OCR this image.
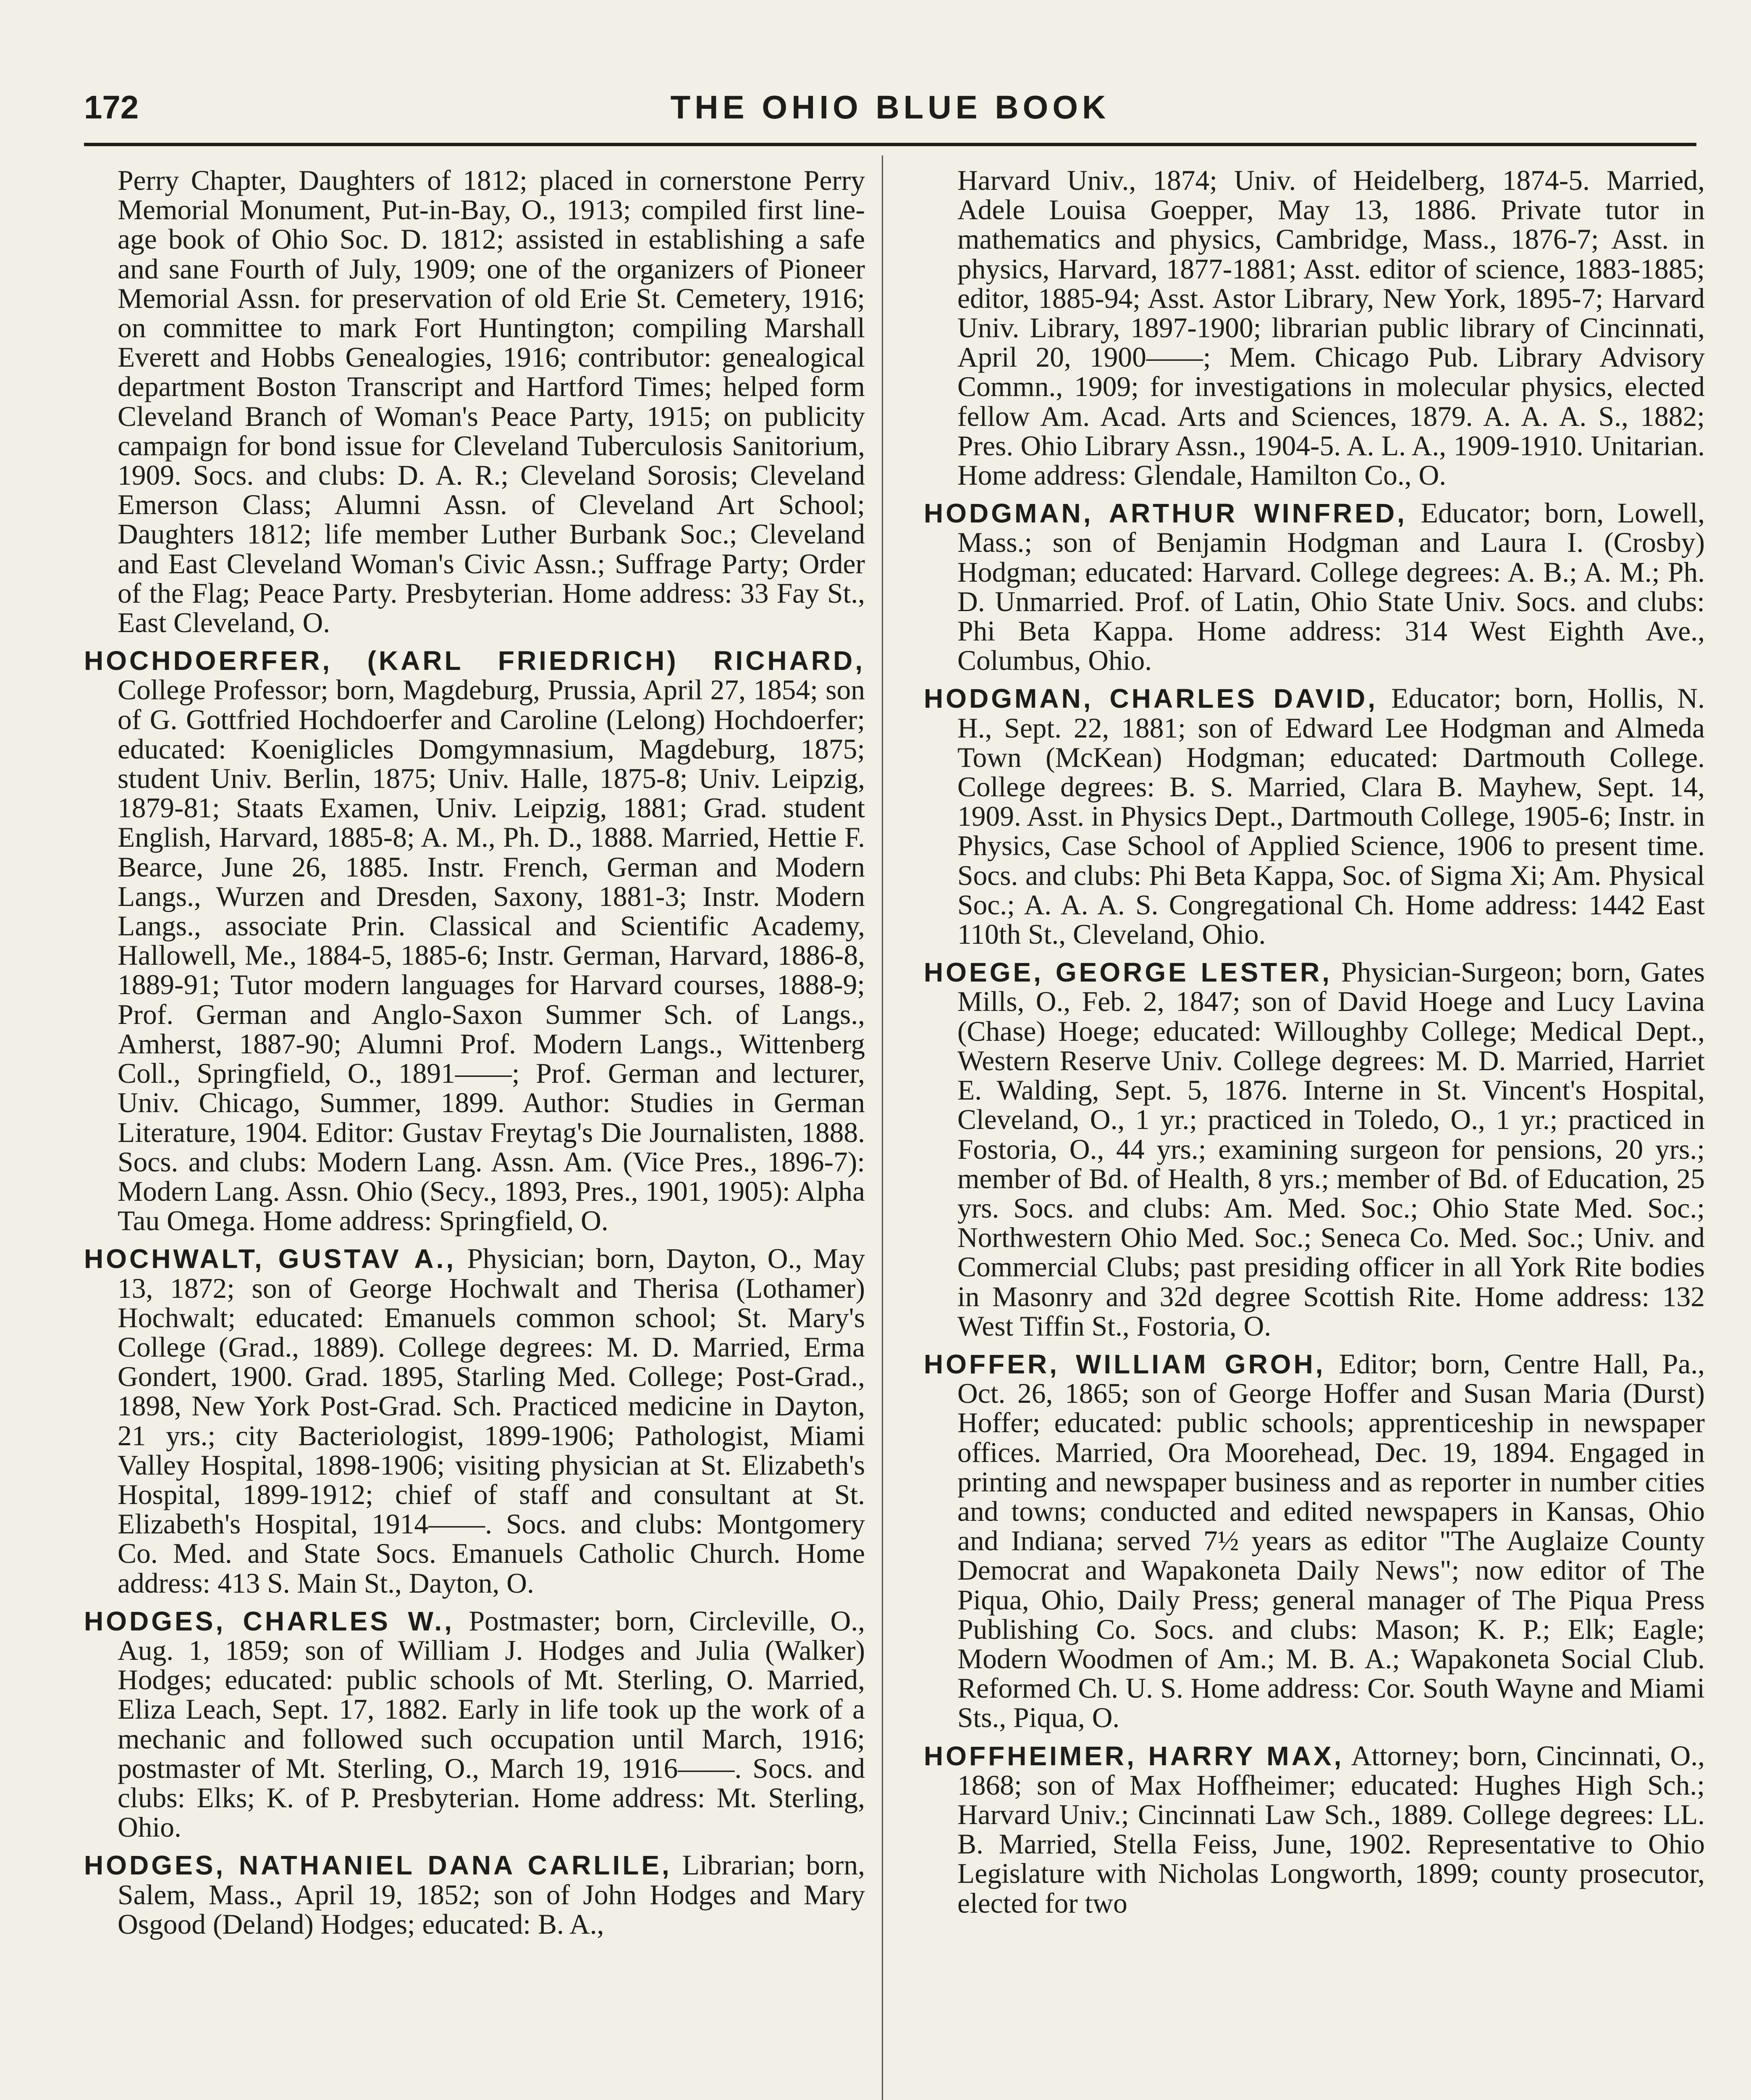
172	THE OHIO BLUE BOOK

Perry Chapter, Daughters of 1812; placed in cornerstone Perry Memorial Monument, Put-in-Bay, O., 1913; compiled first line-age book of Ohio Soc. D. 1812; assisted in establishing a safe and sane Fourth of July, 1909; one of the organizers of Pioneer Memorial Assn. for preservation of old Erie St. Cemetery, 1916; on committee to mark Fort Huntington; compiling Marshall Everett and Hobbs Genealogies, 1916; contributor: genealogical department Boston Transcript and Hartford Times; helped form Cleveland Branch of Woman's Peace Party, 1915; on publicity campaign for bond issue for Cleveland Tuberculosis Sanitorium, 1909. Socs. and clubs: D. A. R.; Cleveland Sorosis; Cleveland Emerson Class; Alumni Assn. of Cleveland Art School; Daughters 1812; life member Luther Burbank Soc.; Cleveland and East Cleveland Woman's Civic Assn.; Suffrage Party; Order of the Flag; Peace Party. Presbyterian. Home address: 33 Fay St., East Cleveland, O.

HOCHDOERFER, (KARL FRIEDRICH) RICHARD, College Professor; born, Magdeburg, Prussia, April 27, 1854; son of G. Gottfried Hochdoerfer and Caroline (Lelong) Hochdoerfer; educated: Koeniglicles Domgymnasium, Magdeburg, 1875; student Univ. Berlin, 1875; Univ. Halle, 1875-8; Univ. Leipzig, 1879-81; Staats Examen, Univ. Leipzig, 1881; Grad. student English, Harvard, 1885-8; A. M., Ph. D., 1888. Married, Hettie F. Bearce, June 26, 1885. Instr. French, German and Modern Langs., Wurzen and Dresden, Saxony, 1881-3; Instr. Modern Langs., associate Prin. Classical and Scientific Academy, Hallowell, Me., 1884-5, 1885-6; Instr. German, Harvard, 1886-8, 1889-91; Tutor modern languages for Harvard courses, 1888-9; Prof. German and Anglo-Saxon Summer Sch. of Langs., Amherst, 1887-90; Alumni Prof. Modern Langs., Wittenberg Coll., Springfield, O., 1891——; Prof. German and lecturer, Univ. Chicago, Summer, 1899. Author: Studies in German Literature, 1904. Editor: Gustav Freytag's Die Journalisten, 1888. Socs. and clubs: Modern Lang. Assn. Am. (Vice Pres., 1896-7): Modern Lang. Assn. Ohio (Secy., 1893, Pres., 1901, 1905): Alpha Tau Omega. Home address: Springfield, O.

HOCHWALT, GUSTAV A., Physician; born, Dayton, O., May 13, 1872; son of George Hochwalt and Therisa (Lothamer) Hochwalt; educated: Emanuels common school; St. Mary's College (Grad., 1889). College degrees: M. D. Married, Erma Gondert, 1900. Grad. 1895, Starling Med. College; Post-Grad., 1898, New York Post-Grad. Sch. Practiced medicine in Dayton, 21 yrs.; city Bacteriologist, 1899-1906; Pathologist, Miami Valley Hospital, 1898-1906; visiting physician at St. Elizabeth's Hospital, 1899-1912; chief of staff and consultant at St. Elizabeth's Hospital, 1914——. Socs. and clubs: Montgomery Co. Med. and State Socs. Emanuels Catholic Church. Home address: 413 S. Main St., Dayton, O.

HODGES, CHARLES W., Postmaster; born, Circleville, O., Aug. 1, 1859; son of William J. Hodges and Julia (Walker) Hodges; educated: public schools of Mt. Sterling, O. Married, Eliza Leach, Sept. 17, 1882. Early in life took up the work of a mechanic and followed such occupation until March, 1916; postmaster of Mt. Sterling, O., March 19, 1916——. Socs. and clubs: Elks; K. of P. Presbyterian. Home address: Mt. Sterling, Ohio.

HODGES, NATHANIEL DANA CARLILE, Librarian; born, Salem, Mass., April 19, 1852; son of John Hodges and Mary Osgood (Deland) Hodges; educated: B. A.,

Harvard Univ., 1874; Univ. of Heidelberg, 1874-5. Married, Adele Louisa Goepper, May 13, 1886. Private tutor in mathematics and physics, Cambridge, Mass., 1876-7; Asst. in physics, Harvard, 1877-1881; Asst. editor of science, 1883-1885; editor, 1885-94; Asst. Astor Library, New York, 1895-7; Harvard Univ. Library, 1897-1900; librarian public library of Cincinnati, April 20, 1900——; Mem. Chicago Pub. Library Advisory Commn., 1909; for investigations in molecular physics, elected fellow Am. Acad. Arts and Sciences, 1879. A. A. A. S., 1882; Pres. Ohio Library Assn., 1904-5. A. L. A., 1909-1910. Unitarian. Home address: Glendale, Hamilton Co., O.

HODGMAN, ARTHUR WINFRED, Educator; born, Lowell, Mass.; son of Benjamin Hodgman and Laura I. (Crosby) Hodgman; educated: Harvard. College degrees: A. B.; A. M.; Ph. D. Unmarried. Prof. of Latin, Ohio State Univ. Socs. and clubs: Phi Beta Kappa. Home address: 314 West Eighth Ave., Columbus, Ohio.

HODGMAN, CHARLES DAVID, Educator; born, Hollis, N. H., Sept. 22, 1881; son of Edward Lee Hodgman and Almeda Town (McKean) Hodgman; educated: Dartmouth College. College degrees: B. S. Married, Clara B. Mayhew, Sept. 14, 1909. Asst. in Physics Dept., Dartmouth College, 1905-6; Instr. in Physics, Case School of Applied Science, 1906 to present time. Socs. and clubs: Phi Beta Kappa, Soc. of Sigma Xi; Am. Physical Soc.; A. A. A. S. Congregational Ch. Home address: 1442 East 110th St., Cleveland, Ohio.

HOEGE, GEORGE LESTER, Physician-Surgeon; born, Gates Mills, O., Feb. 2, 1847; son of David Hoege and Lucy Lavina (Chase) Hoege; educated: Willoughby College; Medical Dept., Western Reserve Univ. College degrees: M. D. Married, Harriet E. Walding, Sept. 5, 1876. Interne in St. Vincent's Hospital, Cleveland, O., 1 yr.; practiced in Toledo, O., 1 yr.; practiced in Fostoria, O., 44 yrs.; examining surgeon for pensions, 20 yrs.; member of Bd. of Health, 8 yrs.; member of Bd. of Education, 25 yrs. Socs. and clubs: Am. Med. Soc.; Ohio State Med. Soc.; Northwestern Ohio Med. Soc.; Seneca Co. Med. Soc.; Univ. and Commercial Clubs; past presiding officer in all York Rite bodies in Masonry and 32d degree Scottish Rite. Home address: 132 West Tiffin St., Fostoria, O.

HOFFER, WILLIAM GROH, Editor; born, Centre Hall, Pa., Oct. 26, 1865; son of George Hoffer and Susan Maria (Durst) Hoffer; educated: public schools; apprenticeship in newspaper offices. Married, Ora Moorehead, Dec. 19, 1894. Engaged in printing and newspaper business and as reporter in number cities and towns; conducted and edited newspapers in Kansas, Ohio and Indiana; served 7½ years as editor "The Auglaize County Democrat and Wapakoneta Daily News"; now editor of The Piqua, Ohio, Daily Press; general manager of The Piqua Press Publishing Co. Socs. and clubs: Mason; K. P.; Elk; Eagle; Modern Woodmen of Am.; M. B. A.; Wapakoneta Social Club. Reformed Ch. U. S. Home address: Cor. South Wayne and Miami Sts., Piqua, O.

HOFFHEIMER, HARRY MAX, Attorney; born, Cincinnati, O., 1868; son of Max Hoffheimer; educated: Hughes High Sch.; Harvard Univ.; Cincinnati Law Sch., 1889. College degrees: LL. B. Married, Stella Feiss, June, 1902. Representative to Ohio Legislature with Nicholas Longworth, 1899; county prosecutor, elected for two
